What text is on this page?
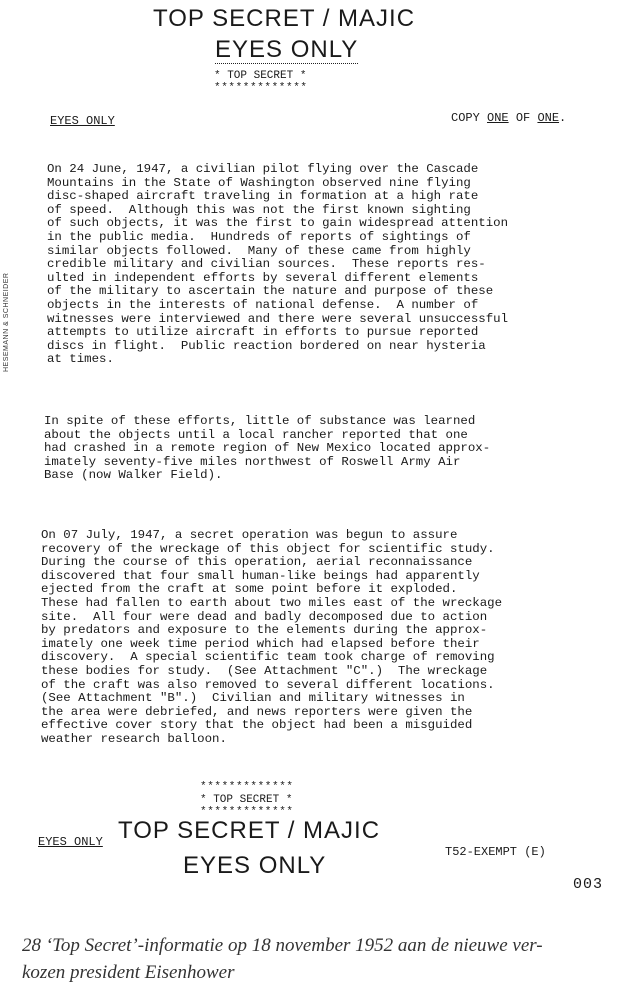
TOP SECRET / MAJIC
EYES ONLY
* TOP SECRET *
*************
EYES ONLY	COPY ONE OF ONE.
HESEMANN & SCHNEIDER
On 24 June, 1947, a civilian pilot flying over the Cascade
Mountains in the State of Washington observed nine flying
disc-shaped aircraft traveling in formation at a high rate
of speed.  Although this was not the first known sighting
of such objects, it was the first to gain widespread attention
in the public media.  Hundreds of reports of sightings of
similar objects followed.  Many of these came from highly
credible military and civilian sources.  These reports res-
ulted in independent efforts by several different elements
of the military to ascertain the nature and purpose of these
objects in the interests of national defense.  A number of
witnesses were interviewed and there were several unsuccessful
attempts to utilize aircraft in efforts to pursue reported
discs in flight.  Public reaction bordered on near hysteria
at times.
In spite of these efforts, little of substance was learned
about the objects until a local rancher reported that one
had crashed in a remote region of New Mexico located approx-
imately seventy-five miles northwest of Roswell Army Air
Base (now Walker Field).
On 07 July, 1947, a secret operation was begun to assure
recovery of the wreckage of this object for scientific study.
During the course of this operation, aerial reconnaissance
discovered that four small human-like beings had apparently
ejected from the craft at some point before it exploded.
These had fallen to earth about two miles east of the wreckage
site.  All four were dead and badly decomposed due to action
by predators and exposure to the elements during the approx-
imately one week time period which had elapsed before their
discovery.  A special scientific team took charge of removing
these bodies for study.  (See Attachment "C".)  The wreckage
of the craft was also removed to several different locations.
(See Attachment "B".)  Civilian and military witnesses in
the area were debriefed, and news reporters were given the
effective cover story that the object had been a misguided
weather research balloon.
*************
* TOP SECRET *
*************
EYES ONLY TOP SECRET / MAJIC
EYES ONLY	T52-EXEMPT (E)
003
28 ‘Top Secret’-informatie op 18 november 1952 aan de nieuwe ver-
kozen president Eisenhower
